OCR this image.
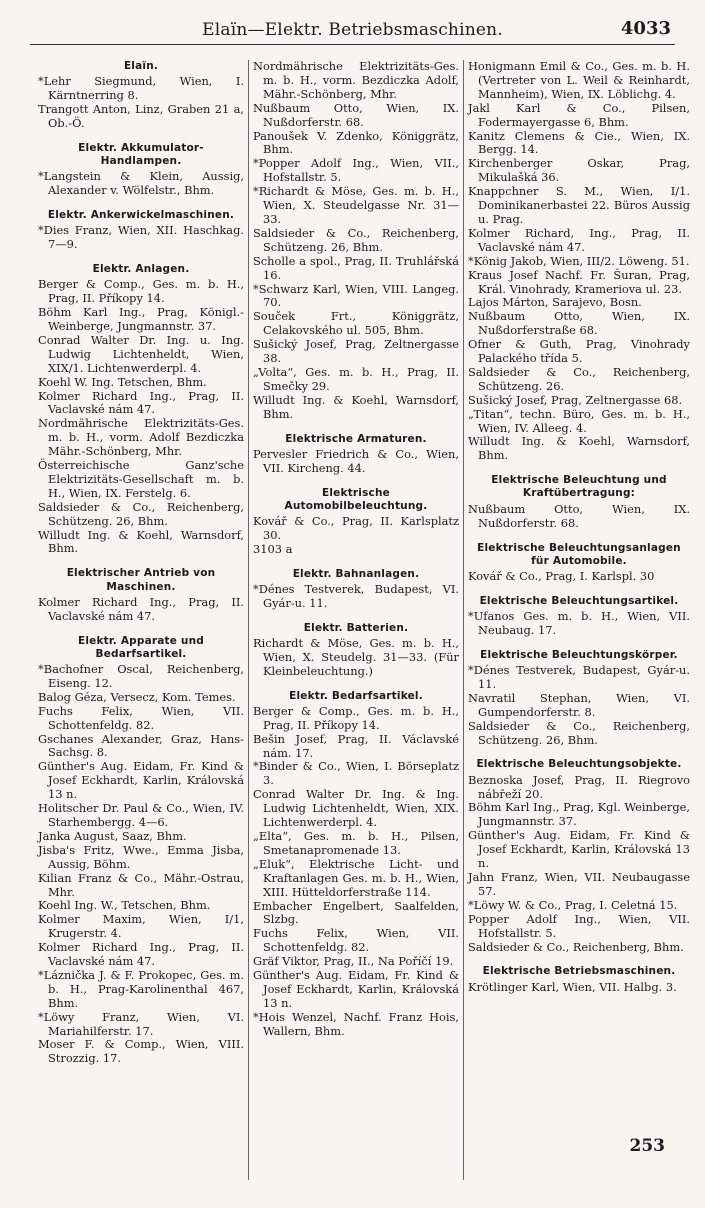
Elaïn—Elektr. Betriebsmaschinen.	4033
Elaïn.

*Lehr Siegmund, Wien, I. Kärntnerring 8.

Trangott Anton, Linz, Graben 21 a, Ob.-Ö.

Elektr. Akkumulator-Handlampen.

*Langstein & Klein, Aussig, Alexander v. Wölfelstr., Bhm.

Elektr. Ankerwickelmaschinen.

*Dies Franz, Wien, XII. Haschkag. 7—9.

Elektr. Anlagen.

Berger & Comp., Ges. m. b. H., Prag, II. Příkopy 14.

Böhm Karl Ing., Prag, Königl.-Weinberge, Jungmannstr. 37.

Conrad Walter Dr. Ing. u. Ing. Ludwig Lichtenheldt, Wien, XIX/1. Lichtenwerderpl. 4.

Koehl W. Ing. Tetschen, Bhm.

Kolmer Richard Ing., Prag, II. Vaclavské nám 47.

Nordmährische Elektrizitäts-Ges. m. b. H., vorm. Adolf Bezdiczka Mähr.-Schönberg, Mhr.

Österreichische Ganz'sche Elektrizitäts-Gesellschaft m. b. H., Wien, IX. Ferstelg. 6.

Saldsieder & Co., Reichenberg, Schützeng. 26, Bhm.

Willudt Ing. & Koehl, Warnsdorf, Bhm.

Elektrischer Antrieb von Maschinen.

Kolmer Richard Ing., Prag, II. Vaclavské nám 47.

Elektr. Apparate und Bedarfsartikel.

*Bachofner Oscal, Reichenberg, Eiseng. 12.

Balog Géza, Versecz, Kom. Temes.

Fuchs Felix, Wien, VII. Schottenfeldg. 82.

Gschanes Alexander, Graz, Hans-Sachsg. 8.

Günther's Aug. Eidam, Fr. Kind & Josef Eckhardt, Karlin, Královská 13 n.

Holitscher Dr. Paul & Co., Wien, IV. Starhembergg. 4—6.

Janka August, Saaz, Bhm.

Jisba's Fritz, Wwe., Emma Jisba, Aussig, Böhm.

Kilian Franz & Co., Mähr.-Ostrau, Mhr.

Koehl Ing. W., Tetschen, Bhm.

Kolmer Maxim, Wien, I/1, Krugerstr. 4.

Kolmer Richard Ing., Prag, II. Vaclavské nám 47.

*Láznička J. & F. Prokopec, Ges. m. b. H., Prag-Karolinenthal 467, Bhm.

*Löwy Franz, Wien, VI. Mariahilferstr. 17.

Moser F. & Comp., Wien, VIII. Strozzig. 17.

Nordmährische Elektrizitäts-Ges. m. b. H., vorm. Bezdiczka Adolf, Mähr.-Schönberg, Mhr.

Nußbaum Otto, Wien, IX. Nußdorferstr. 68.

Panoušek V. Zdenko, Königgrätz, Bhm.

*Popper Adolf Ing., Wien, VII., Hofstallstr. 5.

*Richardt & Möse, Ges. m. b. H., Wien, X. Steudelgasse Nr. 31—33.

Saldsieder & Co., Reichenberg, Schützeng. 26, Bhm.

Scholle a spol., Prag, II. Truhlářská 16.

*Schwarz Karl, Wien, VIII. Langeg. 70.

Souček Frt., Königgrätz, Celakovského ul. 505, Bhm.

Sušický Josef, Prag, Zeltnergasse 38.

„Volta“, Ges. m. b. H., Prag, II. Smečky 29.

Willudt Ing. & Koehl, Warnsdorf, Bhm.

Elektrische Armaturen.

Pervesler Friedrich & Co., Wien, VII. Kircheng. 44.

Elektrische Automobilbeleuchtung.

Kovář & Co., Prag, II. Karlsplatz 30.

3103 a

Elektr. Bahnanlagen.

*Dénes Testverek, Budapest, VI. Gyár-u. 11.

Elektr. Batterien.

Richardt & Möse, Ges. m. b. H., Wien, X. Steudelg. 31—33. (Für Kleinbeleuchtung.)

Elektr. Bedarfsartikel.

Berger & Comp., Ges. m. b. H., Prag, II. Příkopy 14.

Bešin Josef, Prag, II. Václavské nám. 17.

*Binder & Co., Wien, I. Börseplatz 3.

Conrad Walter Dr. Ing. & Ing. Ludwig Lichtenheldt, Wien, XIX. Lichtenwerderpl. 4.

„Elta“, Ges. m. b. H., Pilsen, Smetanapromenade 13.

„Eluk“, Elektrische Licht- und Kraftanlagen Ges. m. b. H., Wien, XIII. Hütteldorferstraße 114.

Embacher Engelbert, Saalfelden, Slzbg.

Fuchs Felix, Wien, VII. Schottenfeldg. 82.

Gräf Viktor, Prag, II., Na Poříčí 19.

Günther's Aug. Eidam, Fr. Kind & Josef Eckhardt, Karlin, Královská 13 n.

*Hois Wenzel, Nachf. Franz Hois, Wallern, Bhm.

Honigmann Emil & Co., Ges. m. b. H. (Vertreter von L. Weil & Reinhardt, Mannheim), Wien, IX. Löblichg. 4.

Jakl Karl & Co., Pilsen, Fodermayergasse 6, Bhm.

Kanitz Clemens & Cie., Wien, IX. Bergg. 14.

Kirchenberger Oskar, Prag, Mikulašká 36.

Knappchner S. M., Wien, I/1. Dominikanerbastei 22. Büros Aussig u. Prag.

Kolmer Richard, Ing., Prag, II. Vaclavské nám 47.

*König Jakob, Wien, III/2. Löweng. 51.

Kraus Josef Nachf. Fr. Šuran, Prag, Král. Vinohrady, Krameriova ul. 23.

Lajos Márton, Sarajevo, Bosn.

Nußbaum Otto, Wien, IX. Nußdorferstraße 68.

Ofner & Guth, Prag, Vinohrady Palackého třída 5.

Saldsieder & Co., Reichenberg, Schützeng. 26.

Sušický Josef, Prag, Zeltnergasse 68.

„Titan“, techn. Büro, Ges. m. b. H., Wien, IV. Alleeg. 4.

Willudt Ing. & Koehl, Warnsdorf, Bhm.

Elektrische Beleuchtung und Kraftübertragung:

Nußbaum Otto, Wien, IX. Nußdorferstr. 68.

Elektrische Beleuchtungsanlagen für Automobile.

Kovář & Co., Prag, I. Karlspl. 30

Elektrische Beleuchtungsartikel.

*Ufanos Ges. m. b. H., Wien, VII. Neubaug. 17.

Elektrische Beleuchtungskörper.

*Dénes Testverek, Budapest, Gyár-u. 11.

Navratil Stephan, Wien, VI. Gumpendorferstr. 8.

Saldsieder & Co., Reichenberg, Schützeng. 26, Bhm.

Elektrische Beleuchtungsobjekte.

Beznoska Josef, Prag, II. Riegrovo nábřeží 20.

Böhm Karl Ing., Prag, Kgl. Weinberge, Jungmannstr. 37.

Günther's Aug. Eidam, Fr. Kind & Josef Eckhardt, Karlin, Královská 13 n.

Jahn Franz, Wien, VII. Neubaugasse 57.

*Löwy W. & Co., Prag, I. Celetná 15.

Popper Adolf Ing., Wien, VII. Hofstallstr. 5.

Saldsieder & Co., Reichenberg, Bhm.

Elektrische Betriebsmaschinen.

Krötlinger Karl, Wien, VII. Halbg. 3.

253
